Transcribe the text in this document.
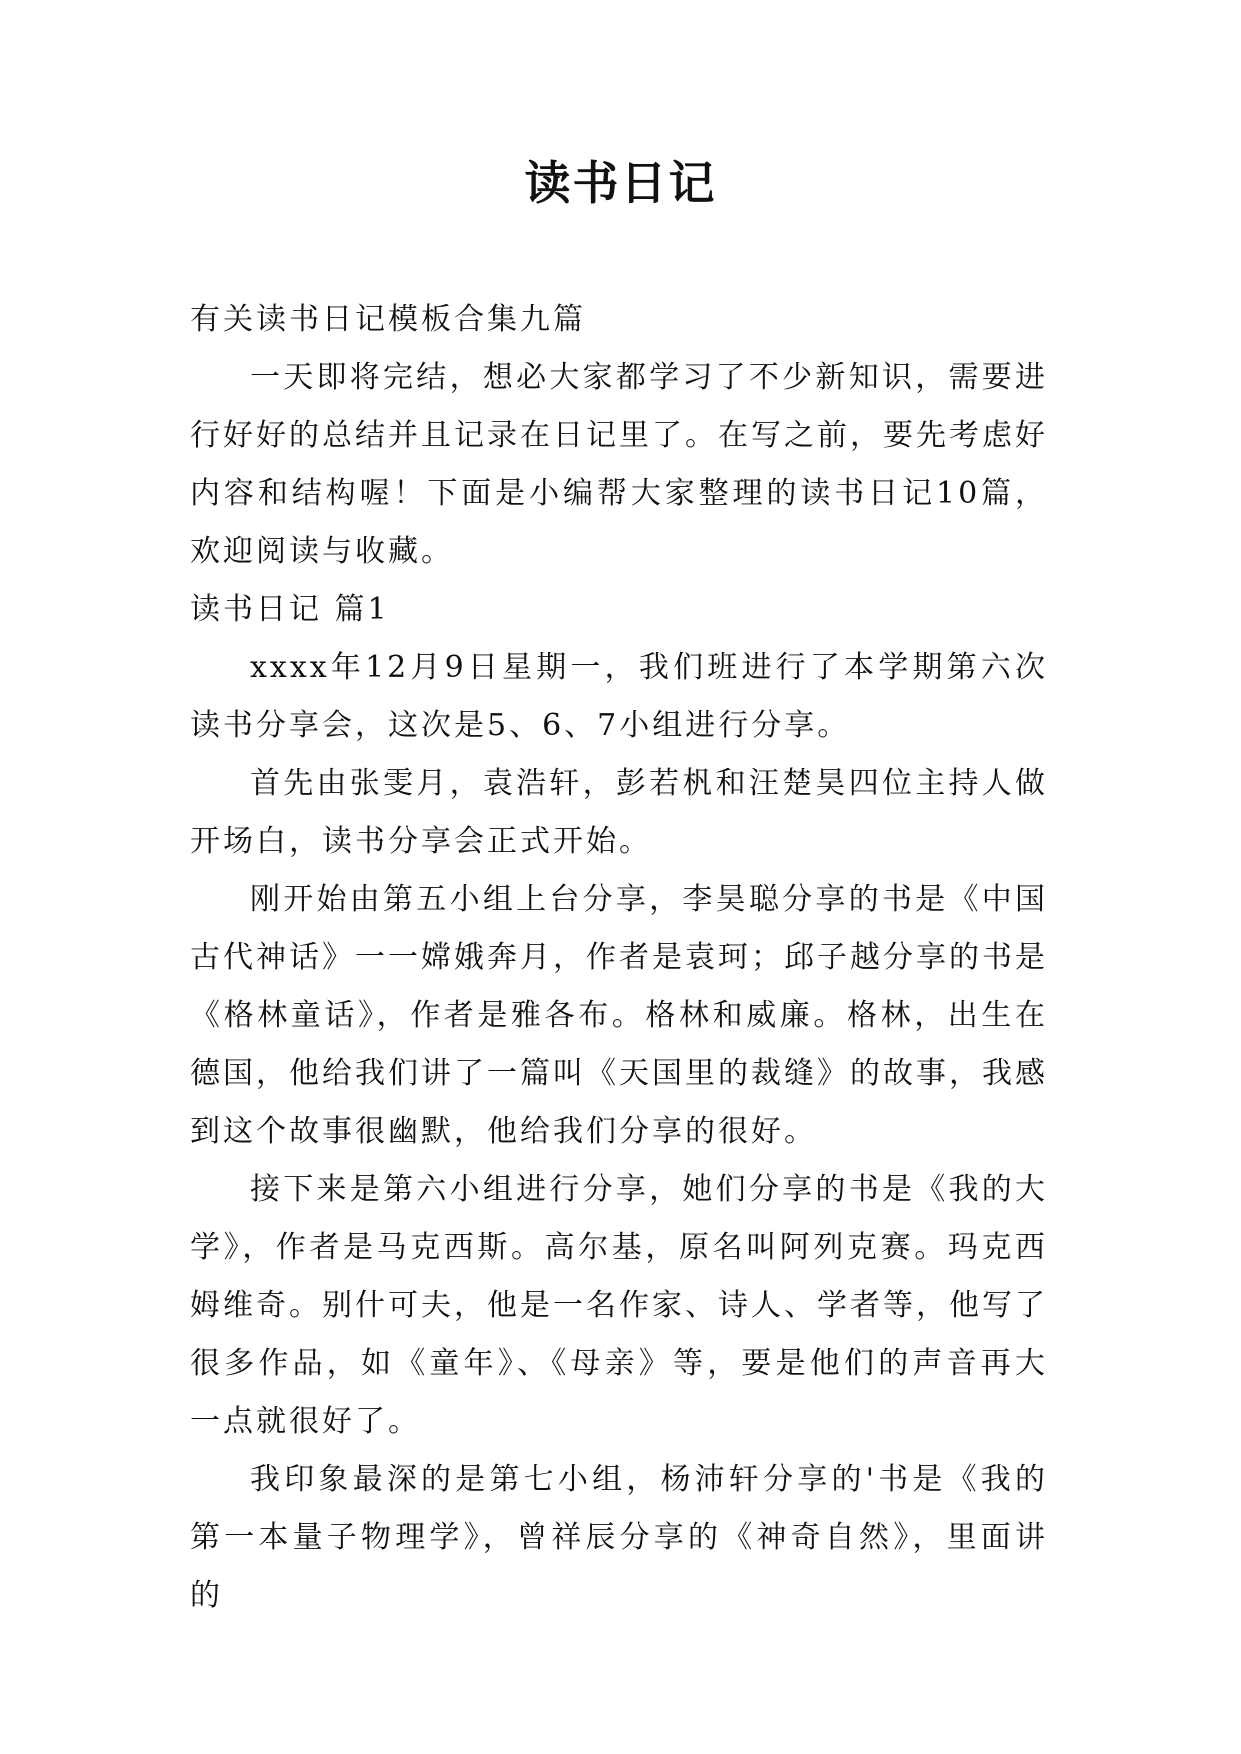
读书日记

有关读书日记模板合集九篇

一天即将完结，想必大家都学习了不少新知识，需要进行好好的总结并且记录在日记里了。在写之前，要先考虑好内容和结构喔！下面是小编帮大家整理的读书日记10篇，欢迎阅读与收藏。

读书日记 篇1

xxxx年12月9日星期一，我们班进行了本学期第六次读书分享会，这次是5、6、7小组进行分享。

首先由张雯月，袁浩轩，彭若杋和汪楚昊四位主持人做开场白，读书分享会正式开始。

刚开始由第五小组上台分享，李昊聪分享的书是《中国古代神话》一一嫦娥奔月，作者是袁珂；邱子越分享的书是《格林童话》，作者是雅各布。格林和威廉。格林，出生在德国，他给我们讲了一篇叫《天国里的裁缝》的故事，我感到这个故事很幽默，他给我们分享的很好。

接下来是第六小组进行分享，她们分享的书是《我的大学》，作者是马克西斯。高尔基，原名叫阿列克赛。玛克西姆维奇。别什可夫，他是一名作家、诗人、学者等，他写了很多作品，如《童年》、《母亲》等，要是他们的声音再大一点就很好了。

我印象最深的是第七小组，杨沛轩分享的'书是《我的第一本量子物理学》，曾祥辰分享的《神奇自然》，里面讲的
